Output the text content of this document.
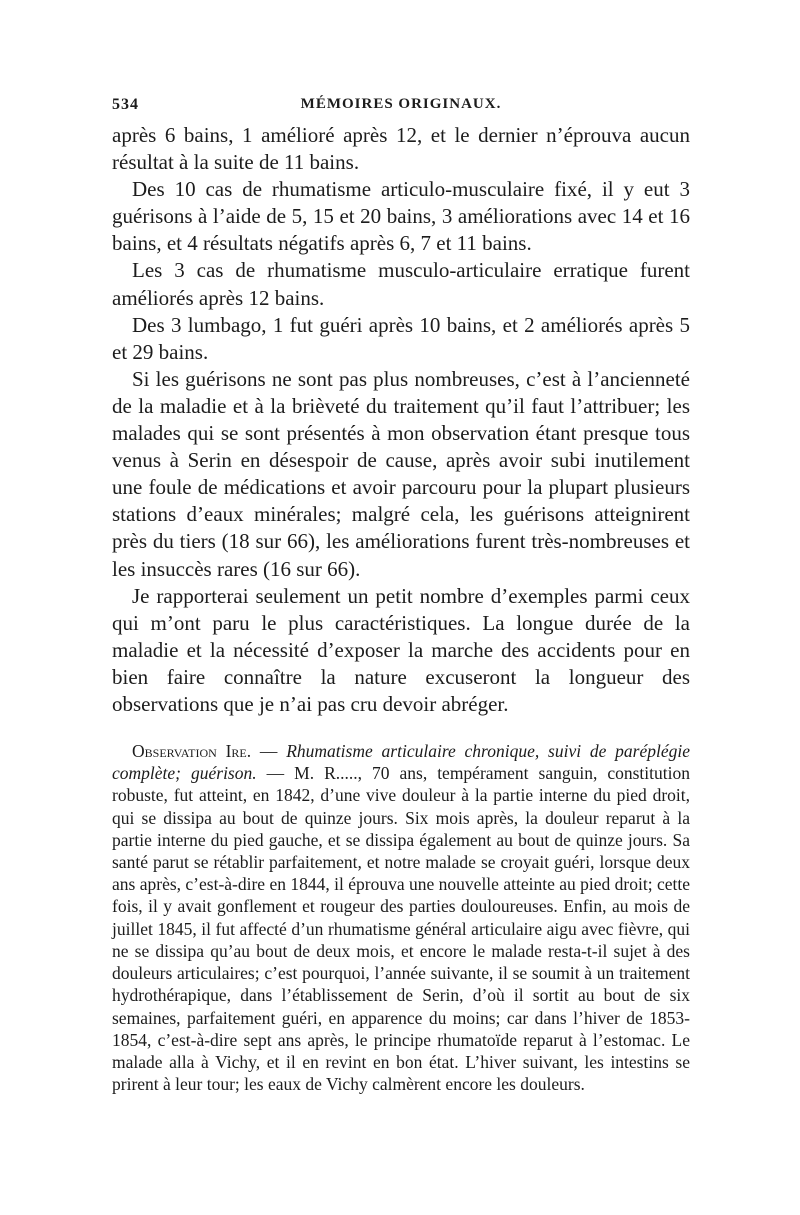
534	MÉMOIRES ORIGINAUX.

après 6 bains, 1 amélioré après 12, et le dernier n’éprouva aucun résultat à la suite de 11 bains.

Des 10 cas de rhumatisme articulo-musculaire fixé, il y eut 3 guérisons à l’aide de 5, 15 et 20 bains, 3 améliorations avec 14 et 16 bains, et 4 résultats négatifs après 6, 7 et 11 bains.

Les 3 cas de rhumatisme musculo-articulaire erratique furent améliorés après 12 bains.

Des 3 lumbago, 1 fut guéri après 10 bains, et 2 améliorés après 5 et 29 bains.

Si les guérisons ne sont pas plus nombreuses, c’est à l’ancienneté de la maladie et à la brièveté du traitement qu’il faut l’attribuer; les malades qui se sont présentés à mon observation étant presque tous venus à Serin en désespoir de cause, après avoir subi inutilement une foule de médications et avoir parcouru pour la plupart plusieurs stations d’eaux minérales; malgré cela, les guérisons atteignirent près du tiers (18 sur 66), les améliorations furent très-nombreuses et les insuccès rares (16 sur 66).

Je rapporterai seulement un petit nombre d’exemples parmi ceux qui m’ont paru le plus caractéristiques. La longue durée de la maladie et la nécessité d’exposer la marche des accidents pour en bien faire connaître la nature excuseront la longueur des observations que je n’ai pas cru devoir abréger.

Observation Ire. — Rhumatisme articulaire chronique, suivi de paréplégie complète; guérison. — M. R....., 70 ans, tempérament sanguin, constitution robuste, fut atteint, en 1842, d’une vive douleur à la partie interne du pied droit, qui se dissipa au bout de quinze jours. Six mois après, la douleur reparut à la partie interne du pied gauche, et se dissipa également au bout de quinze jours. Sa santé parut se rétablir parfaitement, et notre malade se croyait guéri, lorsque deux ans après, c’est-à-dire en 1844, il éprouva une nouvelle atteinte au pied droit; cette fois, il y avait gonflement et rougeur des parties douloureuses. Enfin, au mois de juillet 1845, il fut affecté d’un rhumatisme général articulaire aigu avec fièvre, qui ne se dissipa qu’au bout de deux mois, et encore le malade resta-t-il sujet à des douleurs articulaires; c’est pourquoi, l’année suivante, il se soumit à un traitement hydrothérapique, dans l’établissement de Serin, d’où il sortit au bout de six semaines, parfaitement guéri, en apparence du moins; car dans l’hiver de 1853-1854, c’est-à-dire sept ans après, le principe rhumatoïde reparut à l’estomac. Le malade alla à Vichy, et il en revint en bon état. L’hiver suivant, les intestins se prirent à leur tour; les eaux de Vichy calmèrent encore les douleurs.
